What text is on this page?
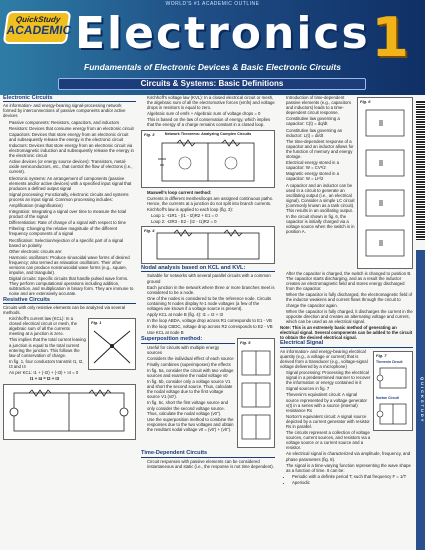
WORLD'S #1 ACADEMIC OUTLINE
QuickStudy
ACADEMIC Electronics 1
Fundamentals of Electronic Devices & Basic Electronic Circuits
Circuits & Systems: Basic Definitions
Electronic Circuits

An information- and energy-bearing signal-processing network formed by interconnections of passive components and/or active devices

• Passive components: Resistors, capacitors, and inductors
• Resistors: Devices that consume energy from an electronic circuit
• Capacitors: Devices that store energy from an electronic circuit and subsequently release the energy in the electronic circuit
• Inductors: Devices that store energy from an electronic circuit via electromagnetic induction and subsequently release the energy in the electronic circuit
• Active devices (or energy source devices): Transistors, metal-oxide semiconductors, etc., that control the flow of electrons (i.e., current).
• Electronic systems: An arrangement of components (passive elements and/or active devices) with a specified input signal that produces a defined output signal
• Signal processing: Functionally, electronic circuits and systems process an input signal. Common processing includes:
• Amplification (magnification)
• Integration: Integrating a signal over time to measure the total product of the signal
• Differentiation: Rate of change of a signal with respect to time
• Filtering: Changing the relative magnitude of the different frequency components of a signal
• Rectification: Selection/rejection of a specific part of a signal based on polarity
• Other electronic circuits are:
• Harmonic oscillators: Produce sinusoidal wave forms of desired frequency; also termed as relaxation oscillators. Their other versions can produce nonsinusoidal wave forms (e.g., square, impulse, and triangular).
• Digital circuits: Specific circuits that handle pulsed wave forms. They perform computational operations including addition, subtraction, and multiplication in binary form. They are immune to noise and are extensively accurate.
Resistive Circuits

Circuits with only resistive elements can be analyzed via several methods.

• Kirchhoff's current law (KCL): In a closed electrical circuit or mesh, the algebraic sum of all the currents meeting at a junction is zero.
• This implies that the total current leaving a junction is equal to the total current entering the junction. This follows the law of conservation of charge.
• In fig. 1, four conductors transmit I1, I2, I3 and I4
• As per KCL: I1 + (-I2) + (-I3) + I4 = 0

I1 + I4 = I2 + I3

Fig. 1
• Kirchhoff's voltage law (KVL): In a closed electrical circuit or mesh, the algebraic sum of all the electromotive forces (emfs) and voltage drops in resistors is equal to zero.
• Algebraic sum of emfs + Algebraic sum of voltage drops = 0
• This is based on the law of conservation of energy, which implies that the energy of a charge remains constant in a closed loop.
Fig. 3	Network Theorems: Analyzing Complex Circuits
• Maxwell's loop current method:
• Currents in different meshes/loops are assigned continuous paths. Hence, the currents at a junction do not split into branch currents.
• Kirchhoff's law is applied to each loop (fig. 3):

Loop 1: -I1R1 - (I1 - I2)R2 + E1 = 0

Loop 2: -I2R3 - E2 - (I2 - I1)R2 = 0

Fig. 4
Nodal analysis based on KCL and KVL:
• Suitable for networks with several parallel circuits with a common ground
• Each junction in the network where three or more branches meet is considered to be a node.
• One of the nodes is considered to be the reference node. Circuits containing N nodes display N-1 node voltages (a few of the voltages are known if a voltage source is present).
• Apply KCL at node B (fig. 4): I1 = I2 + I3
• In the loop ABDA, voltage drop across R1 corresponds to E1 - VB
• In the loop CBDC, voltage drop across R2 corresponds to E2 - VB
• Use KCL at node B
Superposition method:
• Useful for circuits with multiple energy sources
• Considers the individual effect of each source
• Finally combines (superimposes) the effects
• In fig. 5a, consider the circuit with two voltage sources and examine the nodal voltage v0
• In fig. 5b, consider only a voltage source V1 and short the second source. Thus, calculate the nodal voltage due to the first voltage source V1 (v0').
• In fig. 5c, short the first voltage source and only consider the second voltage source. Thus, calculate the nodal voltage (v0'').
• Use the superposition method to combine the responses due to the two voltages and obtain the resultant nodal voltage v0 = (v0') + (v0'').
Fig. 5
Time-Dependent Circuits
• Circuit responses with passive elements can be considered instantaneous and static (i.e., the response is not time dependent).
• Introduction of time-dependent passive elements (e.g., capacitors and inductors) leads to a time-dependent circuit response.
• Constitutive law governing a capacitor: C(t) = dq/dt
• Constitutive law governing an inductor: L(t) = di/dt
• The time-dependent response of a capacitor and an inductor allows for the function of memory and energy storage.
• Electrical energy stored in a capacitor: W = CV²/2
• Magnetic energy stored in a capacitor: W = LI²/2
• A capacitor and an inductor can be used in a circuit to generate an oscillating output (i.e., an electrical signal). Consider a simple LC circuit (commonly known as a tank circuit). This results in an oscillating output.
• In the circuit shown in fig. 6, the capacitor is initially charged via a voltage source when the switch is in position A.
Fig. 6
• After the capacitor is charged, the switch is changed to position B. The capacitor starts discharging, and as a result the inductor creates an electromagnetic field and stores energy discharged from the capacitor.
• When the capacitor is fully discharged, the electromagnetic field of the inductor weakens and current flows through the circuit to charge the capacitor again.
• When the capacitor is fully charged, it discharges the current in the opposite direction and creates an alternating voltage and current, which can be used as an electrical signal.

Note: This is an extremely basic method of generating an electrical signal. Several components can be added to the circuit to obtain the desired electrical signal.

Electrical Signal

An information- and energy-bearing electrical quantity (e.g., a voltage or current) that is derived from a transducer (e.g., voltage-signal voltage delivered by a microphone)

• Signal processing: Processing the electrical signal in a predetermined manner to recover the information or energy contained in it
• Signal sources in fig. 7
• Thevenin's equivalent circuit: A signal source represented by a voltage generator v(t) in a series with a source (internal) resistance Rs
• Norton's equivalent circuit: A signal source depicted by a current generator with resistor Rs in parallel.
• The circuits represent a collection of voltage sources, current sources, and resistors via a voltage source or a current source and a resistor.
Fig. 7
Thevenin Circuit
Norton Circuit
• An electrical signal is characterized via amplitude, frequency, and phase parameters (fig. 8).
• The signal is a time-varying function representing the wave shape as a function of time. It can be:
• Periodic with a definite period T; such that frequency F = 1/T
• Aperiodic
QUICKSTUDY
